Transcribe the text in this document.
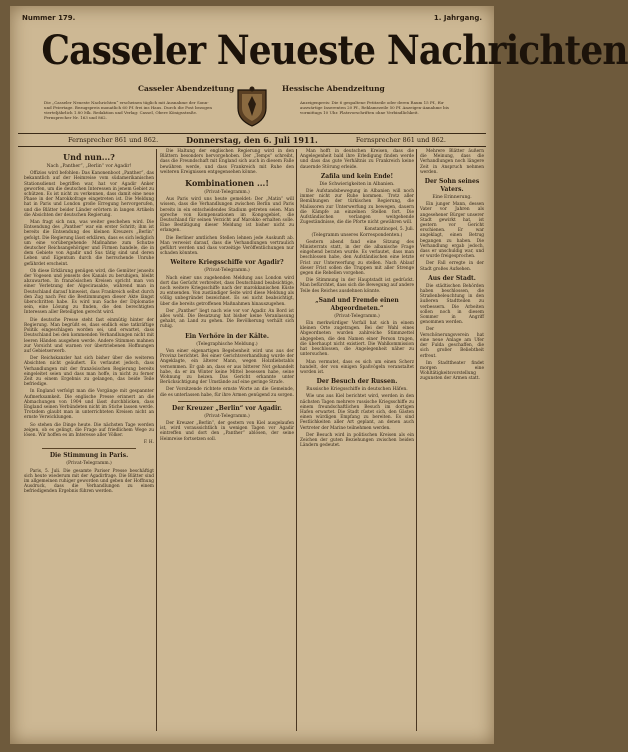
Nummer 179.	1. Jahrgang.
Casseler Neueste Nachrichten
Casseler Abendzeitung	Hessische Abendzeitung
Die „Casseler Neueste Nachrichten“ erscheinen täglich mit Ausnahme der Sonn- und Feiertage. Bezugspreis monatlich 60 Pf. frei ins Haus. Durch die Post bezogen vierteljährlich 1.80 Mk. Redaktion und Verlag: Cassel, Obere Königsstraße. Fernsprecher Nr. 163 und 862.
Anzeigenpreis: Die 6 gespaltene Petitzeile oder deren Raum 15 Pf., für auswärtige Inserenten 20 Pf., Reklamezeile 50 Pf. Anzeigen-Annahme bis vormittags 10 Uhr. Platzvorschriften ohne Verbindlichkeit.
Fernsprecher 861 und 862.	Donnerstag, den 6. Juli 1911.	Fernsprecher 861 und 862.
Und nun...?
Nach „Panther“, „Berlin“ vor Agadir!

Offizios wird befohlen: Das Kanonenboot „Panther“, das bekanntlich auf der Heimreise vom südamerikanischen Stationsdienst begriffen war, hat vor Agadir Anker geworfen, um die deutschen Interessen in jenem Gebiet zu schützen. Es ist nicht zu verkennen, dass damit eine neue Phase in der Marokkofrage eingetreten ist. Die Meldung hat in Paris und London große Erregung hervorgerufen, und die Blätter beider Länder erörtern in langen Artikeln die Absichten der deutschen Regierung.

Man fragt sich nun, was weiter geschehen wird. Die Entsendung des „Panther“ war ein erster Schritt; ihm ist bereits die Entsendung des kleinen Kreuzers „Berlin“ gefolgt. Die Regierung lässt erklären, dass es sich lediglich um eine vorübergehende Maßnahme zum Schutze deutscher Reichsangehöriger und Firmen handele, die in dem Gebiete von Agadir und Sus tätig sind und deren Leben und Eigentum durch die herrschende Unruhe gefährdet erscheint.

Ob diese Erklärung genügen wird, die Gemüter jenseits der Vogesen und jenseits des Kanals zu beruhigen, bleibt abzuwarten. In französischen Kreisen spricht man von einer Verletzung der Algecirasakte, während man in Deutschland darauf hinweist, dass Frankreich selbst durch den Zug nach Fez die Bestimmungen dieser Akte längst überschritten habe. Es wird nun Sache der Diplomatie sein, eine Lösung zu finden, die den berechtigten Interessen aller Beteiligten gerecht wird.

Die deutsche Presse steht fast einmütig hinter der Regierung. Man begrüßt es, dass endlich eine tatkräftige Politik eingeschlagen worden sei, und erwartet, dass Deutschland bei den kommenden Verhandlungen nicht mit leeren Händen ausgehen werde. Andere Stimmen mahnen zur Vorsicht und warnen vor übertriebenen Hoffnungen auf Gebietserwerb.

Der Reichskanzler hat sich bisher über die weiteren Absichten nicht geäußert. Es verlautet jedoch, dass Verhandlungen mit der französischen Regierung bereits eingeleitet seien und dass man hoffe, in nicht zu ferner Zeit zu einem Ergebnis zu gelangen, das beide Teile befriedige.

In England verfolgt man die Vorgänge mit gespannter Aufmerksamkeit. Die englische Presse erinnert an die Abmachungen von 1904 und lässt durchblicken, dass England seinen Verbündeten nicht im Stiche lassen werde. Trotzdem glaubt man in unterrichteten Kreisen nicht an ernste Verwicklungen.

So stehen die Dinge heute. Die nächsten Tage werden zeigen, ob es gelingt, die Frage auf friedlichem Wege zu lösen. Wir hoffen es im Interesse aller Völker.

F. H.
Die Stimmung in Paris.
(Privat-Telegramm.)

Paris, 5. Juli. Die gesamte Pariser Presse beschäftigt sich heute wiederum mit der Agadirfrage. Die Blätter sind im allgemeinen ruhiger geworden und geben der Hoffnung Ausdruck, dass die Verhandlungen zu einem befriedigenden Ergebnis führen werden.

Die Haltung der englischen Regierung wird in den Blättern besonders hervorgehoben. Der „Temps“ schreibt, dass die Freundschaft mit England sich auch in diesem Falle bewähren werde, und dass Frankreich mit Ruhe den weiteren Ereignissen entgegensehen könne.

Kombinationen ...!
(Privat-Telegramm.)

Aus Paris wird uns heute gemeldet: Der „Matin“ will wissen, dass die Verhandlungen zwischen Berlin und Paris bereits in ein entscheidendes Stadium getreten seien. Man spreche von Kompensationen im Kongogebiet, die Deutschland für seinen Verzicht auf Marokko erhalten solle. Eine Bestätigung dieser Meldung ist bisher nicht zu erlangen.

Die Berliner amtlichen Stellen lehnen jede Auskunft ab. Man verweist darauf, dass die Verhandlungen vertraulich geführt werden und dass vorzeitige Veröffentlichungen nur schaden könnten.

Weitere Kriegsschiffe vor Agadir?
(Privat-Telegramm.)

Nach einer uns zugehenden Meldung aus London wird dort das Gerücht verbreitet, dass Deutschland beabsichtige, noch weitere Kriegsschiffe nach der marokkanischen Küste zu entsenden. Von zuständiger Seite wird diese Meldung als völlig unbegründet bezeichnet. Es sei nicht beabsichtigt, über die bereits getroffenen Maßnahmen hinauszugehen.

Der „Panther“ liegt nach wie vor vor Agadir. An Bord ist alles wohl. Die Besatzung hat bisher keine Veranlassung gehabt, an Land zu gehen. Die Bevölkerung verhält sich ruhig.

Ein Verhöre in der Kälte.
(Telegraphische Meldung.)

Von einer eigenartigen Begebenheit wird uns aus der Provinz berichtet. Bei einer Gerichtsverhandlung wurde der Angeklagte, ein älterer Mann, wegen Holzdiebstahls vernommen. Er gab an, dass er aus bitterer Not gehandelt habe, da er im Winter keine Mittel besessen habe, seine Wohnung zu heizen. Das Gericht erkannte unter Berücksichtigung der Umstände auf eine geringe Strafe.

Der Vorsitzende richtete ernste Worte an die Gemeinde, die es unterlassen habe, für ihre Armen genügend zu sorgen.

Der Kreuzer „Berlin“ vor Agadir.
(Privat-Telegramm.)

Der Kreuzer „Berlin“, der gestern von Kiel ausgelaufen ist, wird voraussichtlich in wenigen Tagen vor Agadir eintreffen und dort den „Panther“ ablösen, der seine Heimreise fortsetzen soll.

Man hofft in deutschen Kreisen, dass die Angelegenheit bald ihre Erledigung finden werde und dass das gute Verhältnis zu Frankreich keine dauernde Störung erleide.

Zafila und kein Ende!
Die Schwierigkeiten in Albanien.

Die Aufstandsbewegung in Albanien will noch immer nicht zur Ruhe kommen. Trotz aller Bemühungen der türkischen Regierung, die Malissoren zur Unterwerfung zu bewegen, dauern die Kämpfe an einzelnen Stellen fort. Die Aufständischen verlangen weitgehende Zugeständnisse, die die Pforte nicht gewähren will.

Konstantinopel, 5. Juli.
(Telegramm unseres Korrespondenten.)

Gestern abend fand eine Sitzung des Ministerrats statt, in der die albanische Frage eingehend beraten wurde. Es verlautet, dass man beschlossen habe, den Aufständischen eine letzte Frist zur Unterwerfung zu stellen. Nach Ablauf dieser Frist sollen die Truppen mit aller Strenge gegen die Rebellen vorgehen.

Die Stimmung in der Hauptstadt ist gedrückt. Man befürchtet, dass sich die Bewegung auf andere Teile des Reiches ausdehnen könnte.

„Sand und Fremde einen Abgeordneten.“
(Privat-Telegramm.)

Ein merkwürdiger Vorfall hat sich in einem kleinen Orte zugetragen. Bei der Wahl eines Abgeordneten wurden zahlreiche Stimmzettel abgegeben, die den Namen einer Person trugen, die überhaupt nicht existiert. Die Wahlkommission hat beschlossen, die Angelegenheit näher zu untersuchen.

Man vermutet, dass es sich um einen Scherz handelt, der von einigen Spaßvögeln veranstaltet worden ist.

Der Besuch der Russen.
Russische Kriegsschiffe in deutschen Häfen.

Wie uns aus Kiel berichtet wird, werden in den nächsten Tagen mehrere russische Kriegsschiffe zu einem freundschaftlichen Besuch im dortigen Hafen erwartet. Die Stadt rüstet sich, den Gästen einen würdigen Empfang zu bereiten. Es sind Festlichkeiten aller Art geplant, an denen auch Vertreter der Marine teilnehmen werden.

Der Besuch wird in politischen Kreisen als ein Zeichen der guten Beziehungen zwischen beiden Ländern gedeutet.

Mehrere Blätter äußern die Meinung, dass die Verhandlungen noch längere Zeit in Anspruch nehmen werden.

Der Sohn seines Vaters.
Eine Erinnerung.

Ein junger Mann, dessen Vater vor Jahren als angesehener Bürger unserer Stadt gewirkt hat, ist gestern vor Gericht erschienen. Er war angeklagt, einen Betrug begangen zu haben. Die Verhandlung ergab jedoch, dass er unschuldig war, und er wurde freigesprochen.

Der Fall erregte in der Stadt großes Aufsehen.

Aus der Stadt.

Die städtischen Behörden haben beschlossen, die Straßenbeleuchtung in den äußeren Stadtteilen zu verbessern. Die Arbeiten sollen noch in diesem Sommer in Angriff genommen werden.

Der Verschönerungsverein hat eine neue Anlage am Ufer der Fulda geschaffen, die sich großer Beliebtheit erfreut.

Im Stadttheater findet morgen eine Wohltätigkeitsvorstellung zugunsten der Armen statt.
